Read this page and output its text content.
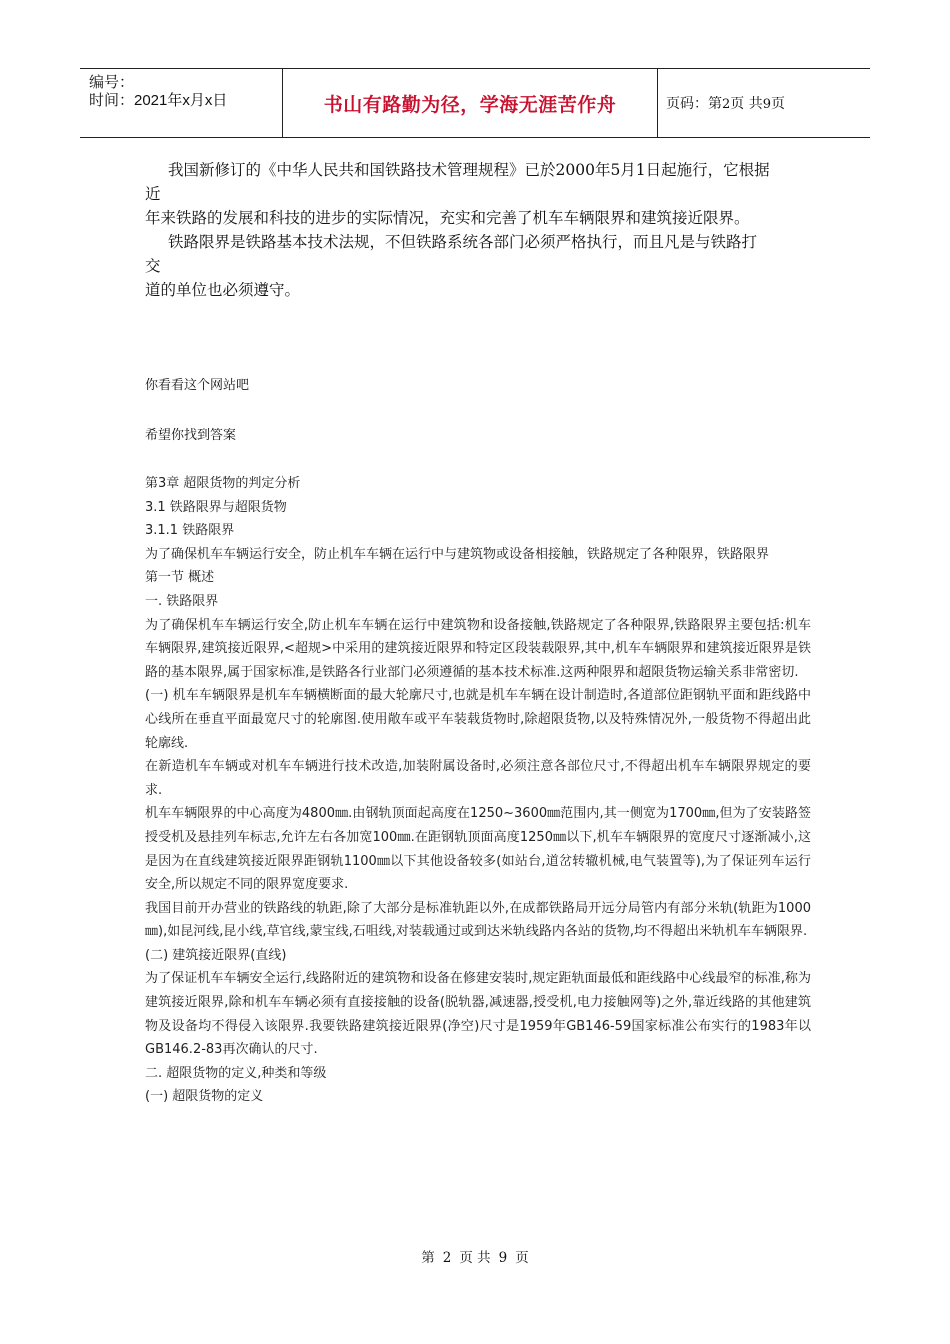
编号：
时间：2021年x月x日	书山有路勤为径，学海无涯苦作舟	页码：第2页 共9页

我国新修订的《中华人民共和国铁路技术管理规程》已於2000年5月1日起施行，它根据近

年来铁路的发展和科技的进步的实际情况，充实和完善了机车车辆限界和建筑接近限界。

铁路限界是铁路基本技术法规，不但铁路系统各部门必须严格执行，而且凡是与铁路打交

道的单位也必须遵守。

你看看这个网站吧
希望你找到答案

第3章 超限货物的判定分析

3.1 铁路限界与超限货物

3.1.1 铁路限界

为了确保机车车辆运行安全，防止机车车辆在运行中与建筑物或设备相接触，铁路规定了各种限界，铁路限界

第一节 概述

一. 铁路限界

为了确保机车车辆运行安全,防止机车车辆在运行中建筑物和设备接触,铁路规定了各种限界,铁路限界主要包括:机车车辆限界,建筑接近限界,<超规>中采用的建筑接近限界和特定区段装载限界,其中,机车车辆限界和建筑接近限界是铁路的基本限界,属于国家标准,是铁路各行业部门必须遵循的基本技术标准.这两种限界和超限货物运输关系非常密切.

(一) 机车车辆限界是机车车辆横断面的最大轮廓尺寸,也就是机车车辆在设计制造时,各道部位距钢轨平面和距线路中心线所在垂直平面最宽尺寸的轮廓图.使用敞车或平车装载货物时,除超限货物,以及特殊情况外,一般货物不得超出此轮廓线.

在新造机车车辆或对机车车辆进行技术改造,加装附属设备时,必须注意各部位尺寸,不得超出机车车辆限界规定的要求.

机车车辆限界的中心高度为4800㎜.由钢轨顶面起高度在1250~3600㎜范围内,其一侧宽为1700㎜,但为了安装路签授受机及悬挂列车标志,允许左右各加宽100㎜.在距钢轨顶面高度1250㎜以下,机车车辆限界的宽度尺寸逐渐减小,这是因为在直线建筑接近限界距钢轨1100㎜以下其他设备较多(如站台,道岔转辙机械,电气装置等),为了保证列车运行安全,所以规定不同的限界宽度要求.

我国目前开办营业的铁路线的轨距,除了大部分是标准轨距以外,在成都铁路局开远分局管内有部分米轨(轨距为1000㎜),如昆河线,昆小线,草官线,蒙宝线,石咀线,对装载通过或到达米轨线路内各站的货物,均不得超出米轨机车车辆限界.

(二) 建筑接近限界(直线)

为了保证机车车辆安全运行,线路附近的建筑物和设备在修建安装时,规定距轨面最低和距线路中心线最窄的标准,称为建筑接近限界,除和机车车辆必须有直接接触的设备(脱轨器,减速器,授受机,电力接触网等)之外,靠近线路的其他建筑物及设备均不得侵入该限界.我要铁路建筑接近限界(净空)尺寸是1959年GB146-59国家标准公布实行的1983年以GB146.2-83再次确认的尺寸.

二. 超限货物的定义,种类和等级

(一) 超限货物的定义

第 2 页 共 9 页
